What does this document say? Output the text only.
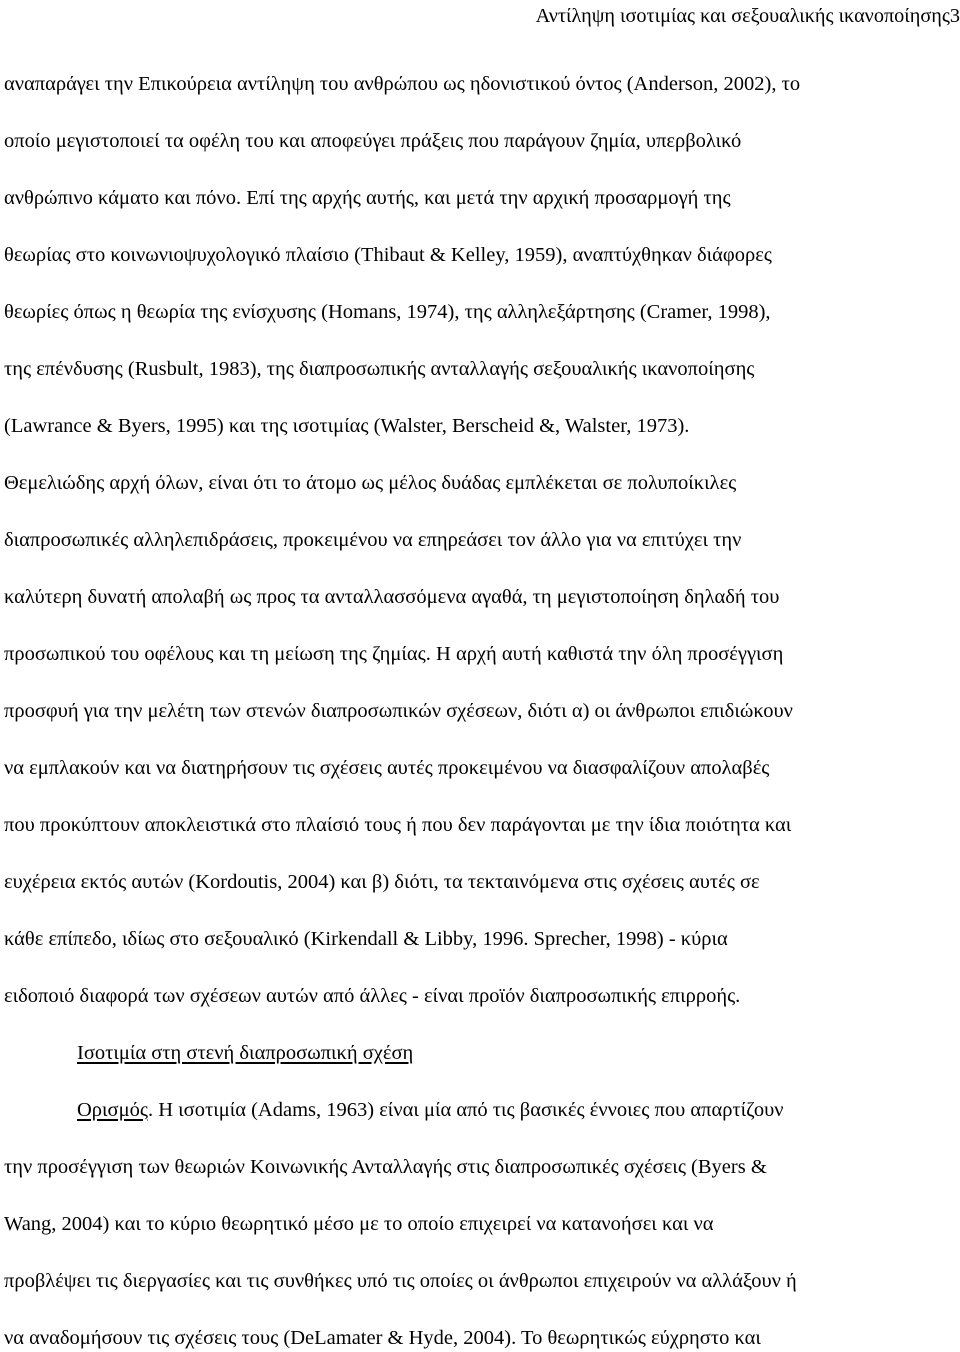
Αντίληψη ισοτιμίας και σεξουαλικής ικανοποίησης3
αναπαράγει την Επικούρεια αντίληψη του ανθρώπου ως ηδονιστικού όντος (Anderson, 2002), το
οποίο μεγιστοποιεί τα οφέλη του και αποφεύγει πράξεις που παράγουν ζημία, υπερβολικό
ανθρώπινο κάματο και πόνο. Επί της αρχής αυτής, και μετά την αρχική προσαρμογή της
θεωρίας στο κοινωνιοψυχολογικό πλαίσιο (Thibaut & Kelley, 1959), αναπτύχθηκαν διάφορες
θεωρίες όπως η θεωρία της ενίσχυσης (Homans, 1974), της αλληλεξάρτησης (Cramer, 1998),
της επένδυσης (Rusbult, 1983), της διαπροσωπικής ανταλλαγής σεξουαλικής ικανοποίησης
(Lawrance & Byers, 1995) και της ισοτιμίας (Walster, Berscheid &, Walster, 1973).
Θεμελιώδης αρχή όλων, είναι ότι το άτομο ως μέλος δυάδας εμπλέκεται σε πολυποίκιλες
διαπροσωπικές αλληλεπιδράσεις, προκειμένου να επηρεάσει τον άλλο για να επιτύχει την
καλύτερη δυνατή απολαβή ως προς τα ανταλλασσόμενα αγαθά, τη μεγιστοποίηση δηλαδή του
προσωπικού του οφέλους και τη μείωση της ζημίας. Η αρχή αυτή καθιστά την όλη προσέγγιση
προσφυή για την μελέτη των στενών διαπροσωπικών σχέσεων, διότι α) οι άνθρωποι επιδιώκουν
να εμπλακούν και να διατηρήσουν τις σχέσεις αυτές προκειμένου να διασφαλίζουν απολαβές
που προκύπτουν αποκλειστικά στο πλαίσιό τους ή που δεν παράγονται με την ίδια ποιότητα και
ευχέρεια εκτός αυτών (Kordoutis, 2004) και β) διότι, τα τεκταινόμενα στις σχέσεις αυτές σε
κάθε επίπεδο, ιδίως στο σεξουαλικό (Kirkendall & Libby, 1996. Sprecher, 1998) - κύρια
ειδοποιό διαφορά των σχέσεων αυτών από άλλες - είναι προϊόν διαπροσωπικής επιρροής.
Ισοτιμία στη στενή διαπροσωπική σχέση
Ορισμός. Η ισοτιμία (Adams, 1963) είναι μία από τις βασικές έννοιες που απαρτίζουν
την προσέγγιση των θεωριών Κοινωνικής Ανταλλαγής στις διαπροσωπικές σχέσεις (Byers &
Wang, 2004) και το κύριο θεωρητικό μέσο με το οποίο επιχειρεί να κατανοήσει και να
προβλέψει τις διεργασίες και τις συνθήκες υπό τις οποίες οι άνθρωποι επιχειρούν να αλλάξουν ή
να αναδομήσουν τις σχέσεις τους (DeLamater & Hyde, 2004). Το θεωρητικώς εύχρηστο και
